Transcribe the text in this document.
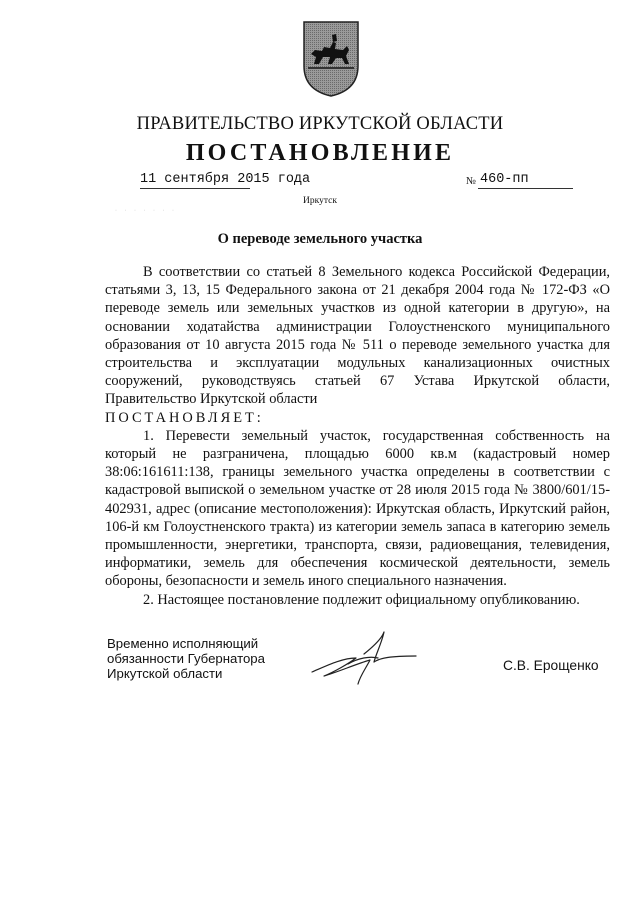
ПРАВИТЕЛЬСТВО ИРКУТСКОЙ ОБЛАСТИ
ПОСТАНОВЛЕНИЕ
11 сентября 2015 года	№ 460-пп
Иркутск
· · · · · · ·
О переводе земельного участка

В соответствии со статьей 8 Земельного кодекса Российской Федерации, статьями 3, 13, 15 Федерального закона от 21 декабря 2004 года № 172-ФЗ «О переводе земель или земельных участков из одной категории в другую», на основании ходатайства администрации Голоустненского муниципального образования от 10 августа 2015 года № 511 о переводе земельного участка для строительства и эксплуатации модульных канализационных очистных сооружений, руководствуясь статьей 67 Устава Иркутской области, Правительство Иркутской области

ПОСТАНОВЛЯЕТ:

1. Перевести земельный участок, государственная собственность на который не разграничена, площадью 6000 кв.м (кадастровый номер 38:06:161611:138, границы земельного участка определены в соответствии с кадастровой выпиской о земельном участке от 28 июля 2015 года № 3800/601/15-402931, адрес (описание местоположения): Иркутская область, Иркутский район, 106-й км Голоустненского тракта) из категории земель запаса в категорию земель промышленности, энергетики, транспорта, связи, радиовещания, телевидения, информатики, земель для обеспечения космической деятельности, земель обороны, безопасности и земель иного специального назначения.

2. Настоящее постановление подлежит официальному опубликованию.

Временно исполняющий
обязанности Губернатора
Иркутской области
С.В. Ерощенко
